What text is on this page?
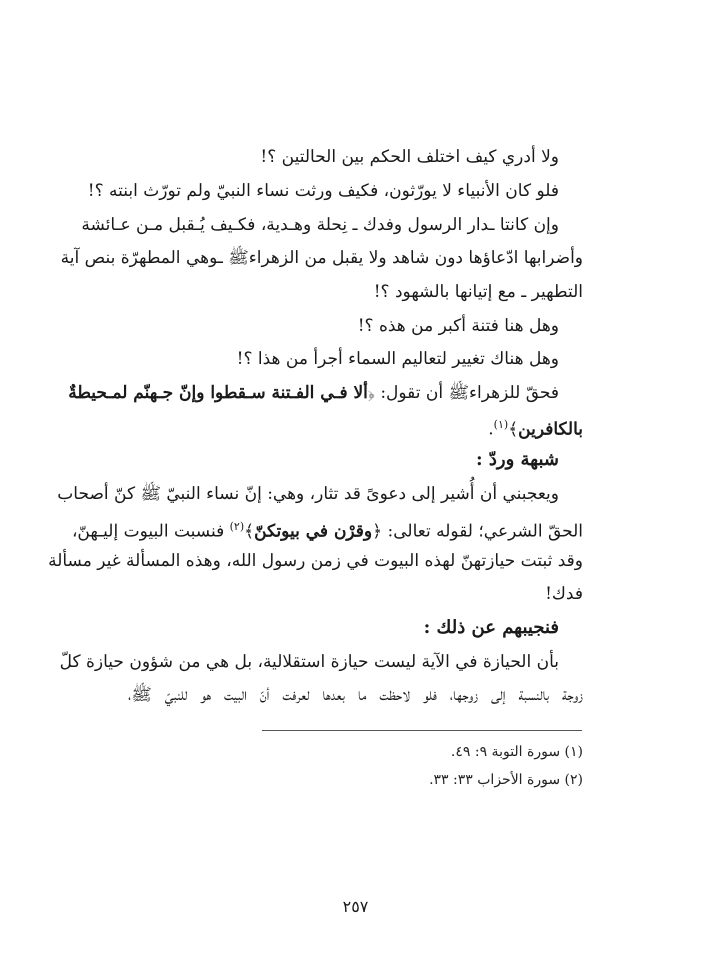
ولا أدري كيف اختلف الحكم بين الحالتين ؟!
فلو كان الأنبياء لا يورّثون، فكيف ورثت نساء النبيّ ولم تورّث ابنته ؟!
وإن كانتا ـدار الرسول وفدك ـ نِحلة وهـدية، فكـيف يُـقبل مـن عـائشة
وأضرابها ادّعاؤها دون شاهد ولا يقبل من الزهراءﷺ ـوهي المطهرّة بنص آية
التطهير ـ مع إتيانها بالشهود ؟!
وهل هنا فتنة أكبر من هذه ؟!
وهل هناك تغيير لتعاليم السماء أجرأ من هذا ؟!
فحقّ للزهراءﷺ أن تقول: ﴿ألا فـي الفـتنة سـقطوا وإنّ جـهنّم لمـحيطةٌ
بالكافرين﴾$^{(١)}$.
شبهة وردّ :
ويعجبني أن أُشير إلى دعوىً قد تثار، وهي: إنّ نساء النبيّ ﷺ كنّ أصحاب
الحقّ الشرعي؛ لقوله تعالى: ﴿وقرْن في بيوتكنّ﴾$^{(٢)}$ فنسبت البيوت إليـهنّ،
وقد ثبتت حيازتهنّ لهذه البيوت في زمن رسول الله، وهذه المسألة غير مسألة
فدك!
فنجيبهم عن ذلك :
بأن الحيازة في الآية ليست حيازة استقلالية، بل هي من شؤون حيازة كلّ
زوجة بالنسبة إلى زوجها، فلو لاحظت ما بعدها لعرفت أنّ البيت هو للنبيّ ﷺ،
(١) سورة التوبة ٩: ٤٩.
(٢) سورة الأحزاب ٣٣: ٣٣.
٢٥٧
